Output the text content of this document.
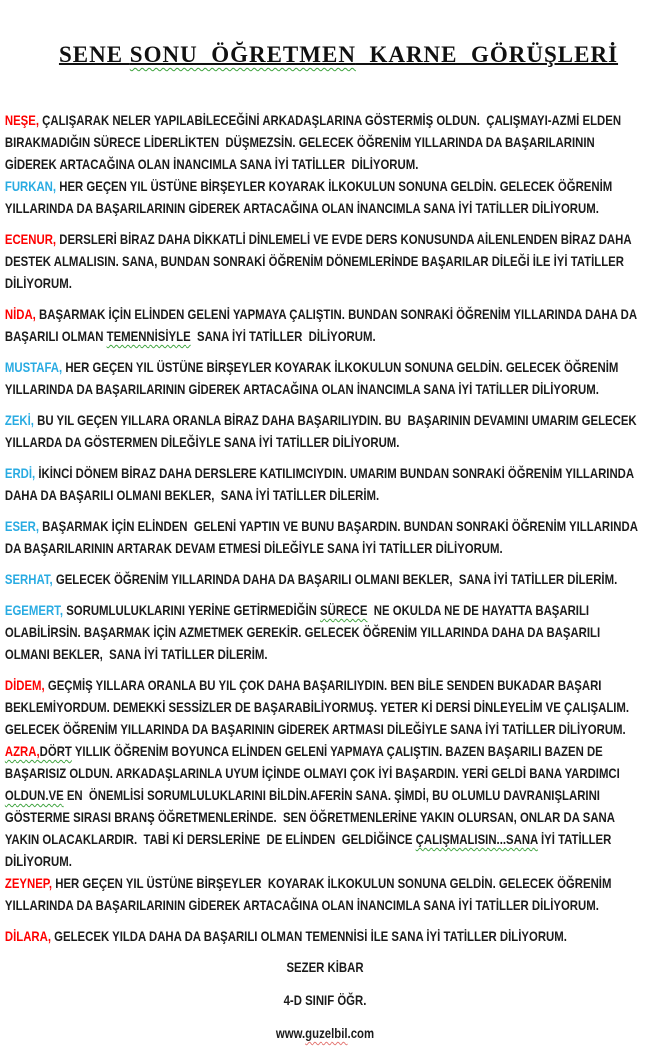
SENE SONU  ÖĞRETMEN  KARNE  GÖRÜŞLERİ

NEŞE, ÇALIŞARAK NELER YAPILABİLECEĞİNİ ARKADAŞLARINA GÖSTERMİŞ OLDUN.  ÇALIŞMAYI-AZMİ ELDEN BIRAKMADIĞIN SÜRECE LİDERLİKTEN  DÜŞMEZSİN. GELECEK ÖĞRENİM YILLARINDA DA BAŞARILARININ GİDEREK ARTACAĞINA OLAN İNANCIMLA SANA İYİ TATİLLER  DİLİYORUM.

FURKAN, HER GEÇEN YIL ÜSTÜNE BİRŞEYLER KOYARAK İLKOKULUN SONUNA GELDİN. GELECEK ÖĞRENİM YILLARINDA DA BAŞARILARININ GİDEREK ARTACAĞINA OLAN İNANCIMLA SANA İYİ TATİLLER DİLİYORUM.

ECENUR, DERSLERİ BİRAZ DAHA DİKKATLİ DİNLEMELİ VE EVDE DERS KONUSUNDA AİLENLENDEN BİRAZ DAHA DESTEK ALMALISIN. SANA, BUNDAN SONRAKİ ÖĞRENİM DÖNEMLERİNDE BAŞARILAR DİLEĞİ İLE İYİ TATİLLER DİLİYORUM.

NİDA, BAŞARMAK İÇİN ELİNDEN GELENİ YAPMAYA ÇALIŞTIN. BUNDAN SONRAKİ ÖĞRENİM YILLARINDA DAHA DA BAŞARILI OLMAN TEMENNİSİYLE  SANA İYİ TATİLLER  DİLİYORUM.

MUSTAFA, HER GEÇEN YIL ÜSTÜNE BİRŞEYLER KOYARAK İLKOKULUN SONUNA GELDİN. GELECEK ÖĞRENİM YILLARINDA DA BAŞARILARININ GİDEREK ARTACAĞINA OLAN İNANCIMLA SANA İYİ TATİLLER DİLİYORUM.

ZEKİ, BU YIL GEÇEN YILLARA ORANLA BİRAZ DAHA BAŞARILIYDIN. BU  BAŞARININ DEVAMINI UMARIM GELECEK YILLARDA DA GÖSTERMEN DİLEĞİYLE SANA İYİ TATİLLER DİLİYORUM.

ERDİ, İKİNCİ DÖNEM BİRAZ DAHA DERSLERE KATILIMCIYDIN. UMARIM BUNDAN SONRAKİ ÖĞRENİM YILLARINDA DAHA DA BAŞARILI OLMANI BEKLER,  SANA İYİ TATİLLER DİLERİM.

ESER, BAŞARMAK İÇİN ELİNDEN  GELENİ YAPTIN VE BUNU BAŞARDIN. BUNDAN SONRAKİ ÖĞRENİM YILLARINDA DA BAŞARILARININ ARTARAK DEVAM ETMESİ DİLEĞİYLE SANA İYİ TATİLLER DİLİYORUM.

SERHAT, GELECEK ÖĞRENİM YILLARINDA DAHA DA BAŞARILI OLMANI BEKLER,  SANA İYİ TATİLLER DİLERİM.

EGEMERT, SORUMLULUKLARINI YERİNE GETİRMEDİĞİN SÜRECE  NE OKULDA NE DE HAYATTA BAŞARILI OLABİLİRSİN. BAŞARMAK İÇİN AZMETMEK GEREKİR. GELECEK ÖĞRENİM YILLARINDA DAHA DA BAŞARILI OLMANI BEKLER,  SANA İYİ TATİLLER DİLERİM.

DİDEM, GEÇMİŞ YILLARA ORANLA BU YIL ÇOK DAHA BAŞARILIYDIN. BEN BİLE SENDEN BUKADAR BAŞARI BEKLEMİYORDUM. DEMEKKİ SESSİZLER DE BAŞARABİLİYORMUŞ. YETER Kİ DERSİ DİNLEYELİM VE ÇALIŞALIM. GELECEK ÖĞRENİM YILLARINDA DA BAŞARININ GİDEREK ARTMASI DİLEĞİYLE SANA İYİ TATİLLER DİLİYORUM.

AZRA,DÖRT YILLIK ÖĞRENİM BOYUNCA ELİNDEN GELENİ YAPMAYA ÇALIŞTIN. BAZEN BAŞARILI BAZEN DE BAŞARISIZ OLDUN. ARKADAŞLARINLA UYUM İÇİNDE OLMAYI ÇOK İYİ BAŞARDIN. YERİ GELDİ BANA YARDIMCI OLDUN.VE EN  ÖNEMLİSİ SORUMLULUKLARINI BİLDİN.AFERİN SANA. ŞİMDİ, BU OLUMLU DAVRANIŞLARINI GÖSTERME SIRASI BRANŞ ÖĞRETMENLERİNDE.  SEN ÖĞRETMENLERİNE YAKIN OLURSAN, ONLAR DA SANA YAKIN OLACAKLARDIR.  TABİ Kİ DERSLERİNE  DE ELİNDEN  GELDİĞİNCE ÇALIŞMALISIN...SANA İYİ TATİLLER DİLİYORUM.

ZEYNEP, HER GEÇEN YIL ÜSTÜNE BİRŞEYLER  KOYARAK İLKOKULUN SONUNA GELDİN. GELECEK ÖĞRENİM YILLARINDA DA BAŞARILARININ GİDEREK ARTACAĞINA OLAN İNANCIMLA SANA İYİ TATİLLER DİLİYORUM.

DİLARA, GELECEK YILDA DAHA DA BAŞARILI OLMAN TEMENNİSİ İLE SANA İYİ TATİLLER DİLİYORUM.

SEZER KİBAR
4-D SINIF ÖĞR.
www.guzelbil.com
